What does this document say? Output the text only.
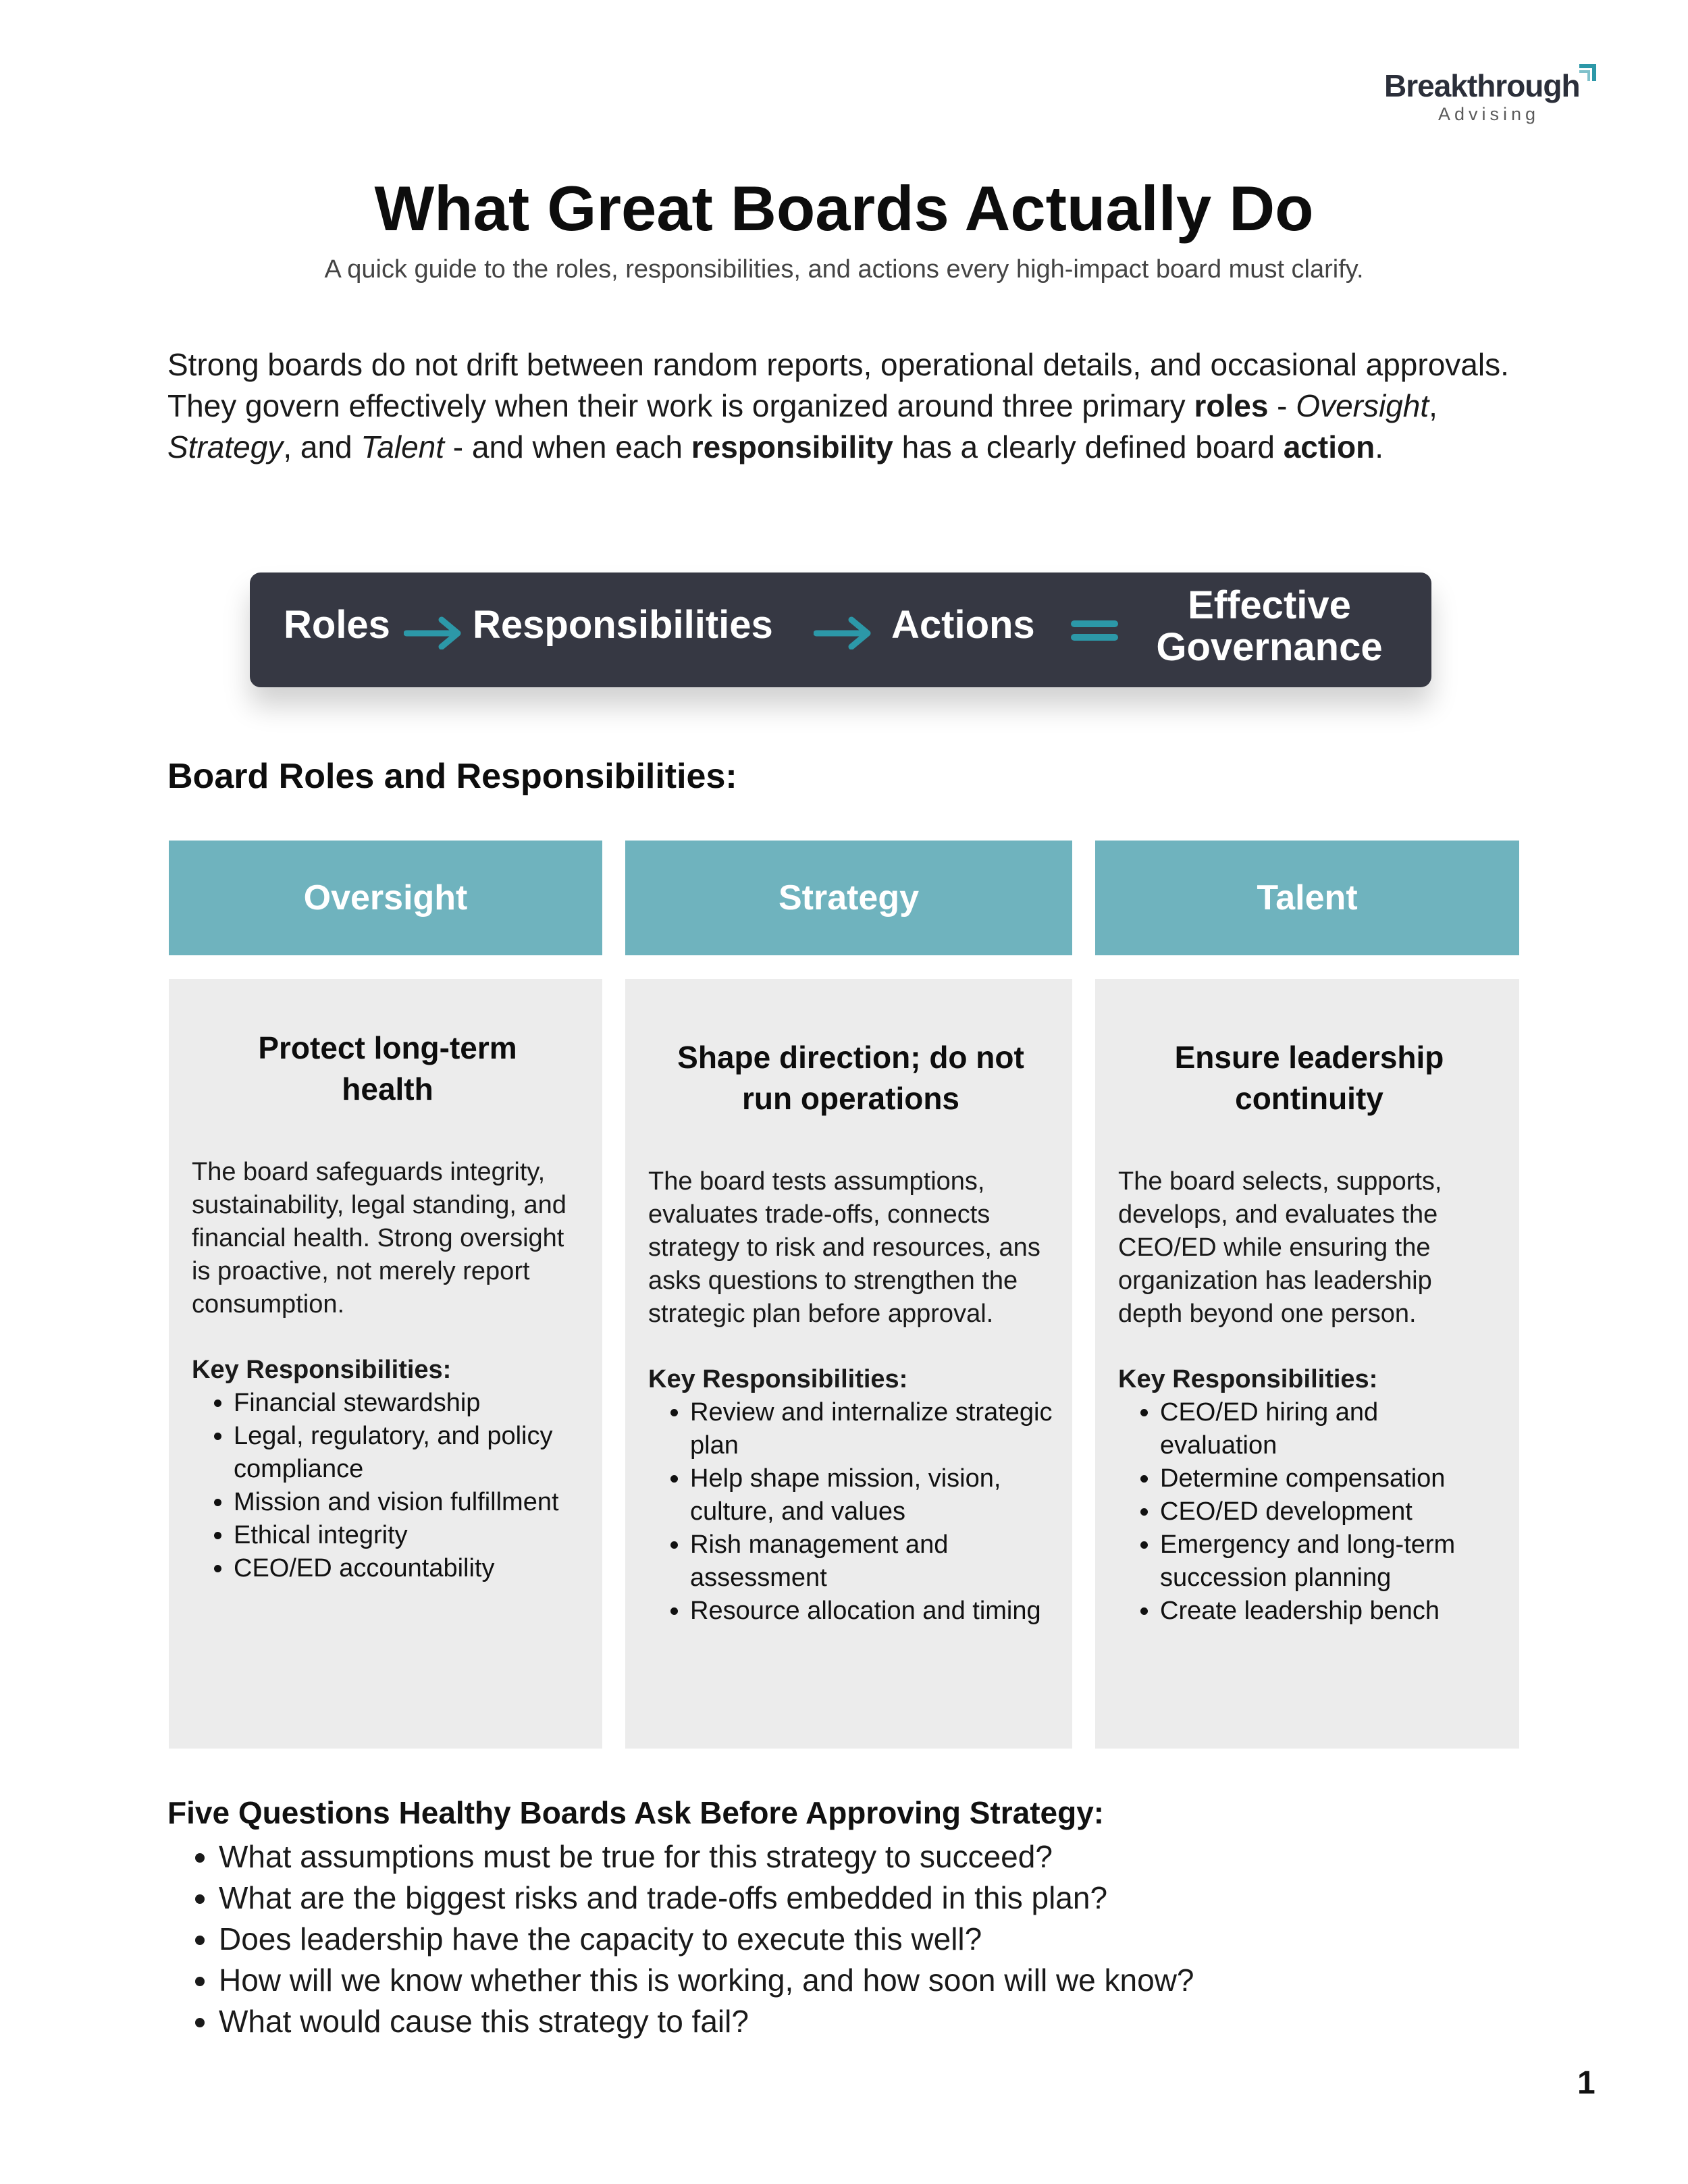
Breakthrough
Advising
What Great Boards Actually Do
A quick guide to the roles, responsibilities, and actions every high-impact board must clarify.

Strong boards do not drift between random reports, operational details, and occasional approvals. They govern effectively when their work is organized around three primary roles - Oversight, Strategy, and Talent - and when each responsibility has a clearly defined board action.

Roles Responsibilities	Actions	Effective
Governance
Board Roles and Responsibilities:
Oversight	Strategy	Talent
Protect long-term health

The board safeguards integrity, sustainability, legal standing, and financial health. Strong oversight is proactive, not merely report consumption.

Key Responsibilities:

• Financial stewardship
• Legal, regulatory, and policy compliance
• Mission and vision fulfillment
• Ethical integrity
• CEO/ED accountability
Shape direction; do not run operations

The board tests assumptions, evaluates trade-offs, connects strategy to risk and resources, ans asks questions to strengthen the strategic plan before approval.

Key Responsibilities:

• Review and internalize strategic plan
• Help shape mission, vision, culture, and values
• Rish management and assessment
• Resource allocation and timing
Ensure leadership continuity

The board selects, supports, develops, and evaluates the CEO/ED while ensuring the organization has leadership depth beyond one person.

Key Responsibilities:

• CEO/ED hiring and evaluation
• Determine compensation
• CEO/ED development
• Emergency and long-term succession planning
• Create leadership bench
Five Questions Healthy Boards Ask Before Approving Strategy:
• What assumptions must be true for this strategy to succeed?
• What are the biggest risks and trade-offs embedded in this plan?
• Does leadership have the capacity to execute this well?
• How will we know whether this is working, and how soon will we know?
• What would cause this strategy to fail?
1
